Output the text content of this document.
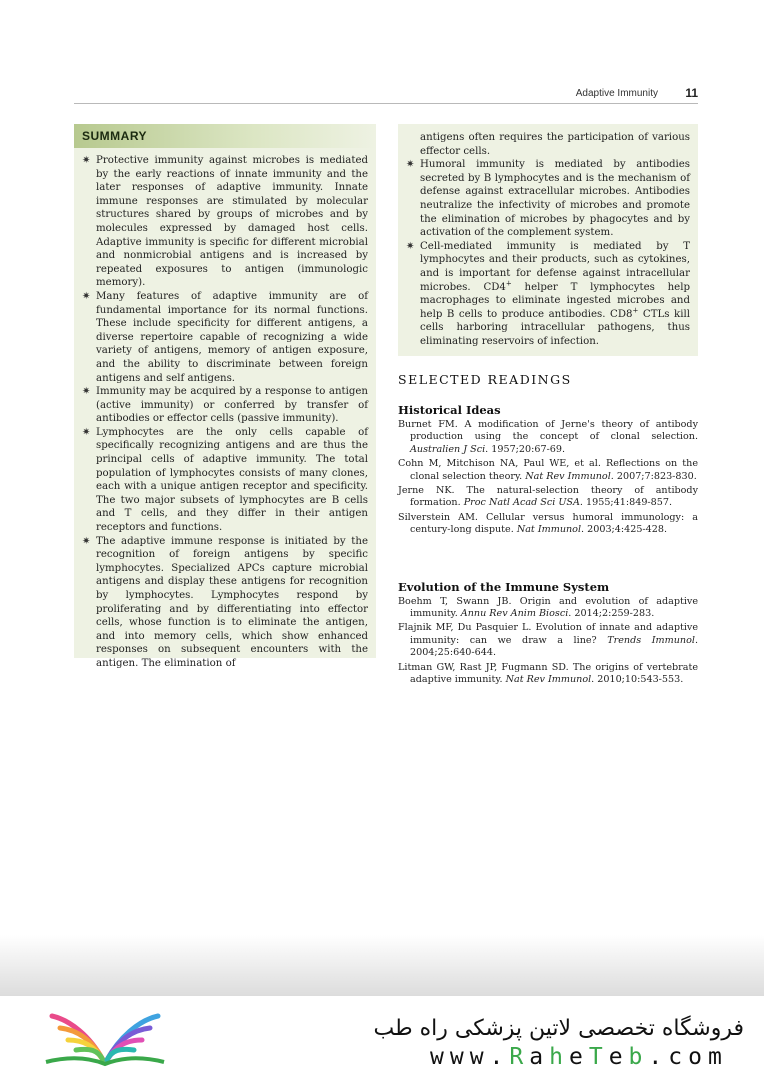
Adaptive Immunity 11
SUMMARY
✷ Protective immunity against microbes is mediated by the early reactions of innate immunity and the later responses of adaptive immunity. Innate immune responses are stimulated by molecular structures shared by groups of microbes and by molecules expressed by damaged host cells. Adaptive immunity is specific for different microbial and nonmicrobial antigens and is increased by repeated exposures to antigen (immunologic memory).
✷ Many features of adaptive immunity are of fundamental importance for its normal functions. These include specificity for different antigens, a diverse repertoire capable of recognizing a wide variety of antigens, memory of antigen exposure, and the ability to discriminate between foreign antigens and self antigens.
✷ Immunity may be acquired by a response to antigen (active immunity) or conferred by transfer of antibodies or effector cells (passive immunity).
✷ Lymphocytes are the only cells capable of specifically recognizing antigens and are thus the principal cells of adaptive immunity. The total population of lymphocytes consists of many clones, each with a unique antigen receptor and specificity. The two major subsets of lymphocytes are B cells and T cells, and they differ in their antigen receptors and functions.
✷ The adaptive immune response is initiated by the recognition of foreign antigens by specific lymphocytes. Specialized APCs capture microbial antigens and display these antigens for recognition by lymphocytes. Lymphocytes respond by proliferating and by differentiating into effector cells, whose function is to eliminate the antigen, and into memory cells, which show enhanced responses on subsequent encounters with the antigen. The elimination of

antigens often requires the participation of various effector cells.

✷ Humoral immunity is mediated by antibodies secreted by B lymphocytes and is the mechanism of defense against extracellular microbes. Antibodies neutralize the infectivity of microbes and promote the elimination of microbes by phagocytes and by activation of the complement system.
✷ Cell-mediated immunity is mediated by T lymphocytes and their products, such as cytokines, and is important for defense against intracellular microbes. CD4+ helper T lymphocytes help macrophages to eliminate ingested microbes and help B cells to produce antibodies. CD8+ CTLs kill cells harboring intracellular pathogens, thus eliminating reservoirs of infection.
SELECTED READINGS
Historical Ideas
Burnet FM. A modification of Jerne's theory of antibody production using the concept of clonal selection. Australien J Sci. 1957;20:67-69.
Cohn M, Mitchison NA, Paul WE, et al. Reflections on the clonal selection theory. Nat Rev Immunol. 2007;7:823-830.
Jerne NK. The natural-selection theory of antibody formation. Proc Natl Acad Sci USA. 1955;41:849-857.
Silverstein AM. Cellular versus humoral immunology: a century-long dispute. Nat Immunol. 2003;4:425-428.
Evolution of the Immune System
Boehm T, Swann JB. Origin and evolution of adaptive immunity. Annu Rev Anim Biosci. 2014;2:259-283.
Flajnik MF, Du Pasquier L. Evolution of innate and adaptive immunity: can we draw a line? Trends Immunol. 2004;25:640-644.
Litman GW, Rast JP, Fugmann SD. The origins of vertebrate adaptive immunity. Nat Rev Immunol. 2010;10:543-553.
فروشگاه تخصصی لاتین پزشکی راه طب
www.RaheTeb.com
